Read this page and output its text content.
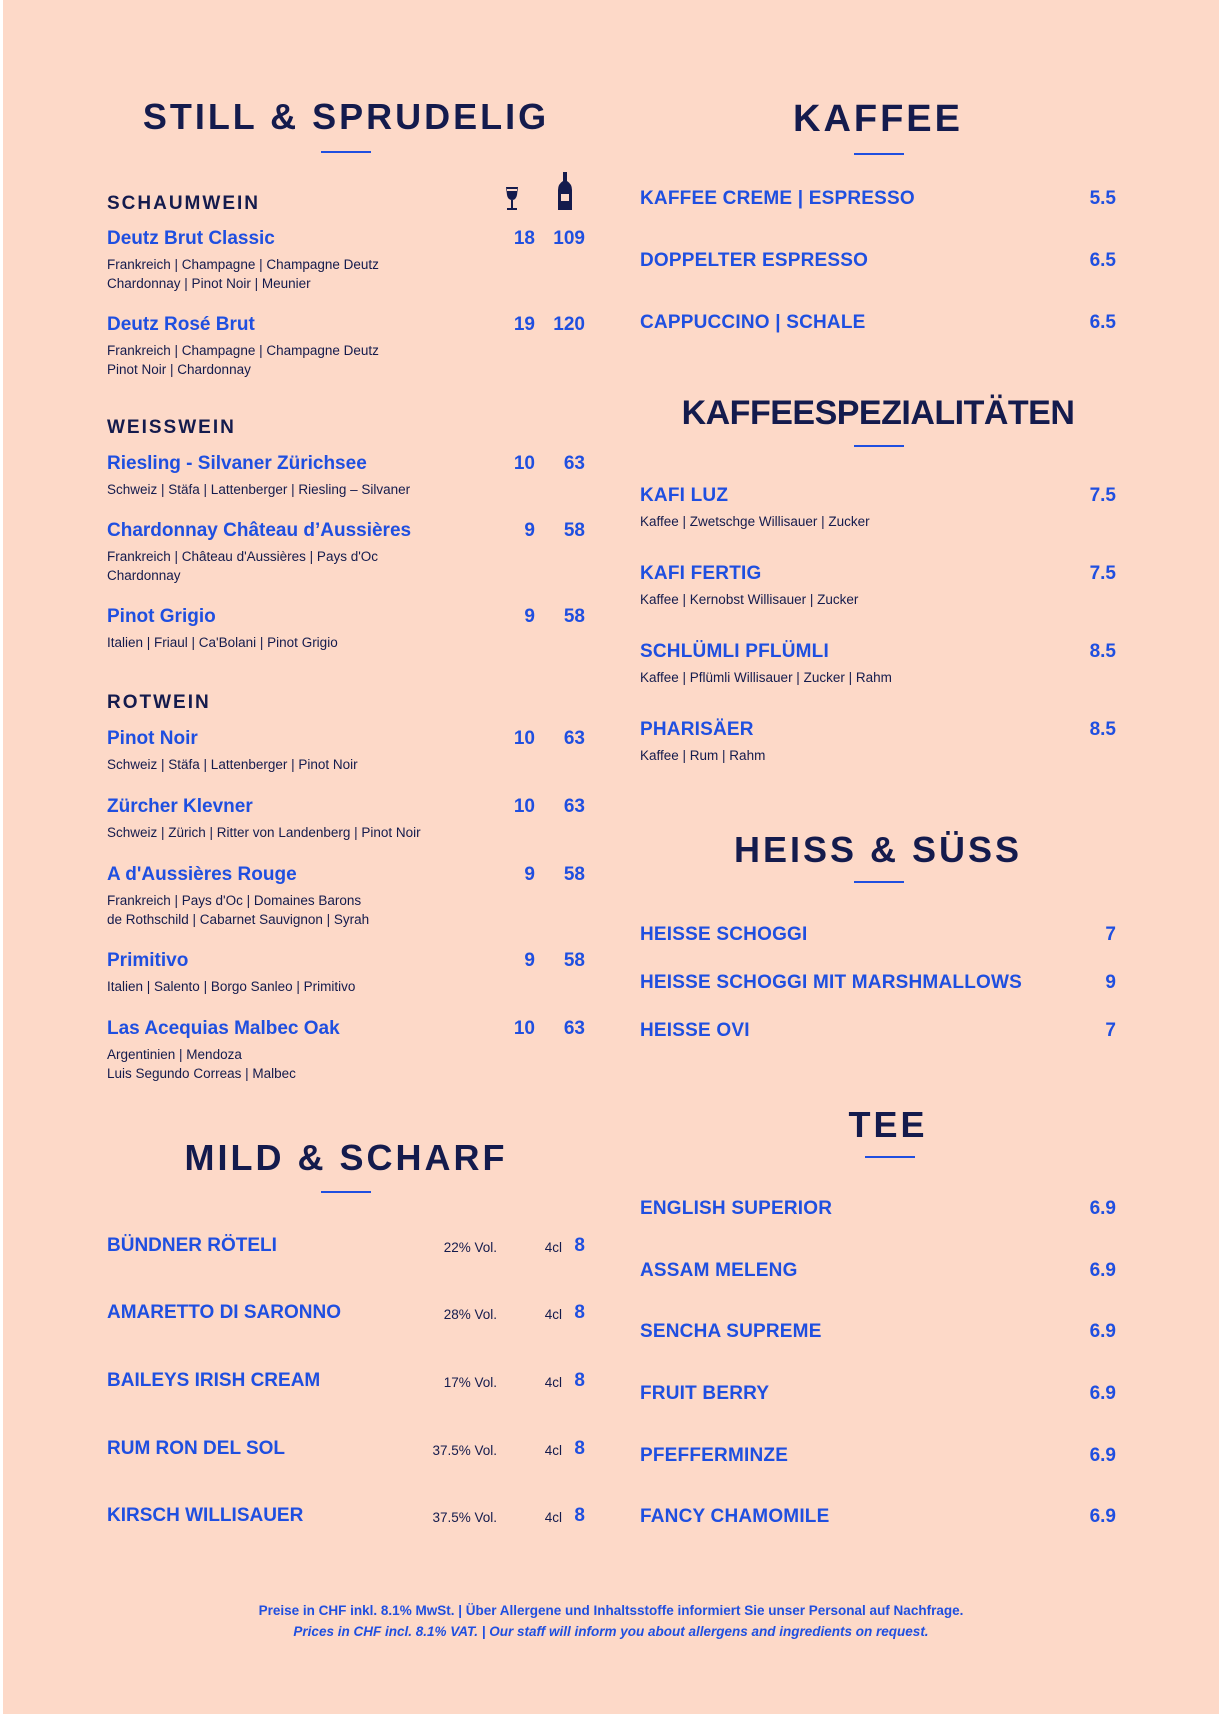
STILL & SPRUDELIG
SCHAUMWEIN
Deutz Brut Classic	18 109
Frankreich | Champagne | Champagne Deutz
Chardonnay | Pinot Noir | Meunier
Deutz Rosé Brut	19 120
Frankreich | Champagne | Champagne Deutz
Pinot Noir | Chardonnay
WEISSWEIN
Riesling - Silvaner Zürichsee	10	63
Schweiz | Stäfa | Lattenberger | Riesling – Silvaner
Chardonnay Château d’Aussières	9	58
Frankreich | Château d'Aussières | Pays d'Oc
Chardonnay
Pinot Grigio	9	58
Italien | Friaul | Ca'Bolani | Pinot Grigio
ROTWEIN
Pinot Noir	10	63
Schweiz | Stäfa | Lattenberger | Pinot Noir
Zürcher Klevner	10	63
Schweiz | Zürich | Ritter von Landenberg | Pinot Noir
A d'Aussières Rouge	9	58
Frankreich | Pays d'Oc | Domaines Barons
de Rothschild | Cabarnet Sauvignon | Syrah
Primitivo	9	58
Italien | Salento | Borgo Sanleo | Primitivo
Las Acequias Malbec Oak	10	63
Argentinien | Mendoza
Luis Segundo Correas | Malbec
MILD & SCHARF
BÜNDNER RÖTELI	22% Vol.	4cl 8
AMARETTO DI SARONNO	28% Vol.	4cl 8
BAILEYS IRISH CREAM	17% Vol.	4cl 8
RUM RON DEL SOL	37.5% Vol.	4cl 8
KIRSCH WILLISAUER	37.5% Vol.	4cl 8
KAFFEE
KAFFEE CREME | ESPRESSO	5.5
DOPPELTER ESPRESSO	6.5
CAPPUCCINO | SCHALE	6.5
KAFFEESPEZIALITÄTEN
KAFI LUZ	7.5
Kaffee | Zwetschge Willisauer | Zucker
KAFI FERTIG	7.5
Kaffee | Kernobst Willisauer | Zucker
SCHLÜMLI PFLÜMLI	8.5
Kaffee | Pflümli Willisauer | Zucker | Rahm
PHARISÄER	8.5
Kaffee | Rum | Rahm
HEISS & SÜSS
HEISSE SCHOGGI	7
HEISSE SCHOGGI MIT MARSHMALLOWS	9
HEISSE OVI	7
TEE
ENGLISH SUPERIOR	6.9
ASSAM MELENG	6.9
SENCHA SUPREME	6.9
FRUIT BERRY	6.9
PFEFFERMINZE	6.9
FANCY CHAMOMILE	6.9
Preise in CHF inkl. 8.1% MwSt. | Über Allergene und Inhaltsstoffe informiert Sie unser Personal auf Nachfrage.
Prices in CHF incl. 8.1% VAT. | Our staff will inform you about allergens and ingredients on request.
